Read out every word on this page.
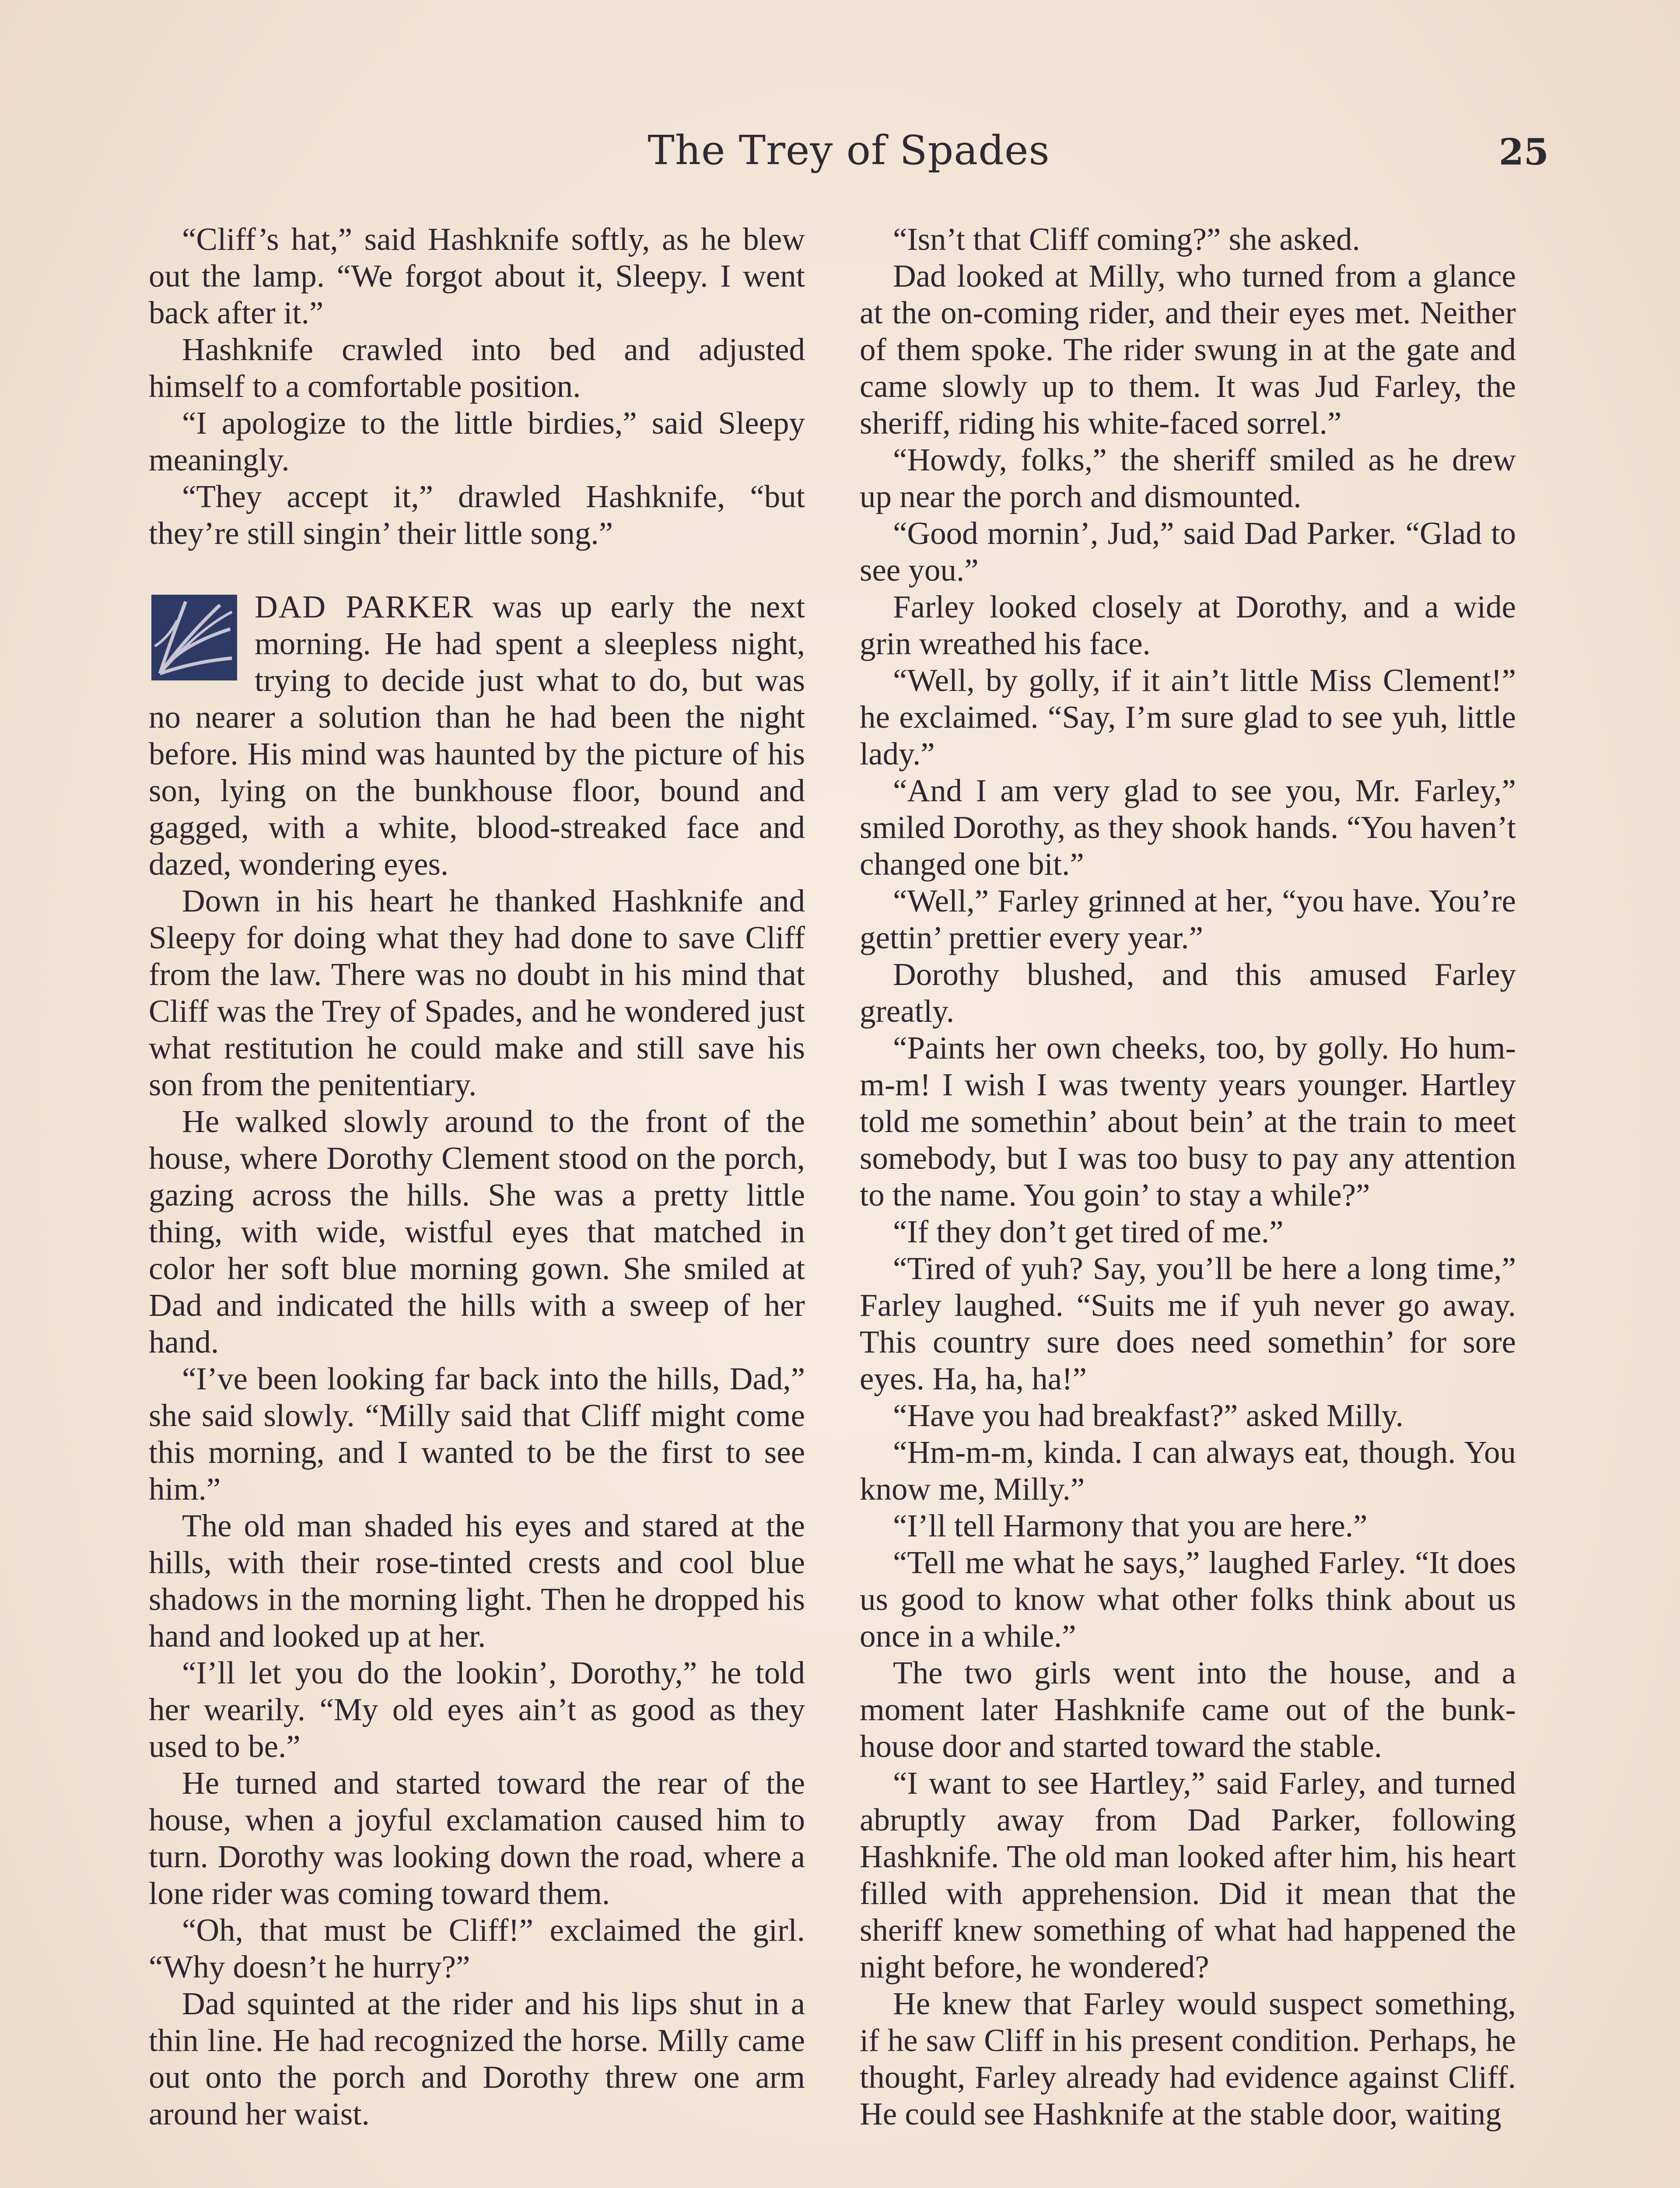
The Trey of Spades	25

“Cliff’s hat,” said Hashknife softly, as he blew out the lamp. “We forgot about it, Sleepy. I went back after it.”

Hashknife crawled into bed and adjusted himself to a comfortable position.

“I apologize to the little birdies,” said Sleepy meaningly.

“They accept it,” drawled Hashknife, “but they’re still singin’ their little song.”

DAD PARKER was up early the next morning. He had spent a sleepless night, trying to decide just what to do, but was no nearer a solution than he had been the night before. His mind was haunted by the picture of his son, lying on the bunkhouse floor, bound and gagged, with a white, blood-streaked face and dazed, wondering eyes.

Down in his heart he thanked Hashknife and Sleepy for doing what they had done to save Cliff from the law. There was no doubt in his mind that Cliff was the Trey of Spades, and he wondered just what restitution he could make and still save his son from the penitentiary.

He walked slowly around to the front of the house, where Dorothy Clement stood on the porch, gazing across the hills. She was a pretty little thing, with wide, wistful eyes that matched in color her soft blue morning gown. She smiled at Dad and indicated the hills with a sweep of her hand.

“I’ve been looking far back into the hills, Dad,” she said slowly. “Milly said that Cliff might come this morning, and I wanted to be the first to see him.”

The old man shaded his eyes and stared at the hills, with their rose-tinted crests and cool blue shadows in the morning light. Then he dropped his hand and looked up at her.

“I’ll let you do the lookin’, Dorothy,” he told her wearily. “My old eyes ain’t as good as they used to be.”

He turned and started toward the rear of the house, when a joyful exclamation caused him to turn. Dorothy was looking down the road, where a lone rider was coming toward them.

“Oh, that must be Cliff!” exclaimed the girl. “Why doesn’t he hurry?”

Dad squinted at the rider and his lips shut in a thin line. He had recognized the horse. Milly came out onto the porch and Dorothy threw one arm around her waist.

“Isn’t that Cliff coming?” she asked.

Dad looked at Milly, who turned from a glance at the on-coming rider, and their eyes met. Neither of them spoke. The rider swung in at the gate and came slowly up to them. It was Jud Farley, the sheriff, riding his white-faced sorrel.”

“Howdy, folks,” the sheriff smiled as he drew up near the porch and dismounted.

“Good mornin’, Jud,” said Dad Parker. “Glad to see you.”

Farley looked closely at Dorothy, and a wide grin wreathed his face.

“Well, by golly, if it ain’t little Miss Clement!” he exclaimed. “Say, I’m sure glad to see yuh, little lady.”

“And I am very glad to see you, Mr. Farley,” smiled Dorothy, as they shook hands. “You haven’t changed one bit.”

“Well,” Farley grinned at her, “you have. You’re gettin’ prettier every year.”

Dorothy blushed, and this amused Farley greatly.

“Paints her own cheeks, too, by golly. Ho hum-m-m! I wish I was twenty years younger. Hartley told me somethin’ about bein’ at the train to meet somebody, but I was too busy to pay any attention to the name. You goin’ to stay a while?”

“If they don’t get tired of me.”

“Tired of yuh? Say, you’ll be here a long time,” Farley laughed. “Suits me if yuh never go away. This country sure does need somethin’ for sore eyes. Ha, ha, ha!”

“Have you had breakfast?” asked Milly.

“Hm-m-m, kinda. I can always eat, though. You know me, Milly.”

“I’ll tell Harmony that you are here.”

“Tell me what he says,” laughed Farley. “It does us good to know what other folks think about us once in a while.”

The two girls went into the house, and a moment later Hashknife came out of the bunk-house door and started toward the stable.

“I want to see Hartley,” said Farley, and turned abruptly away from Dad Parker, following Hashknife. The old man looked after him, his heart filled with apprehension. Did it mean that the sheriff knew something of what had happened the night before, he wondered?

He knew that Farley would suspect something, if he saw Cliff in his present condition. Perhaps, he thought, Farley already had evidence against Cliff. He could see Hashknife at the stable door, waiting
